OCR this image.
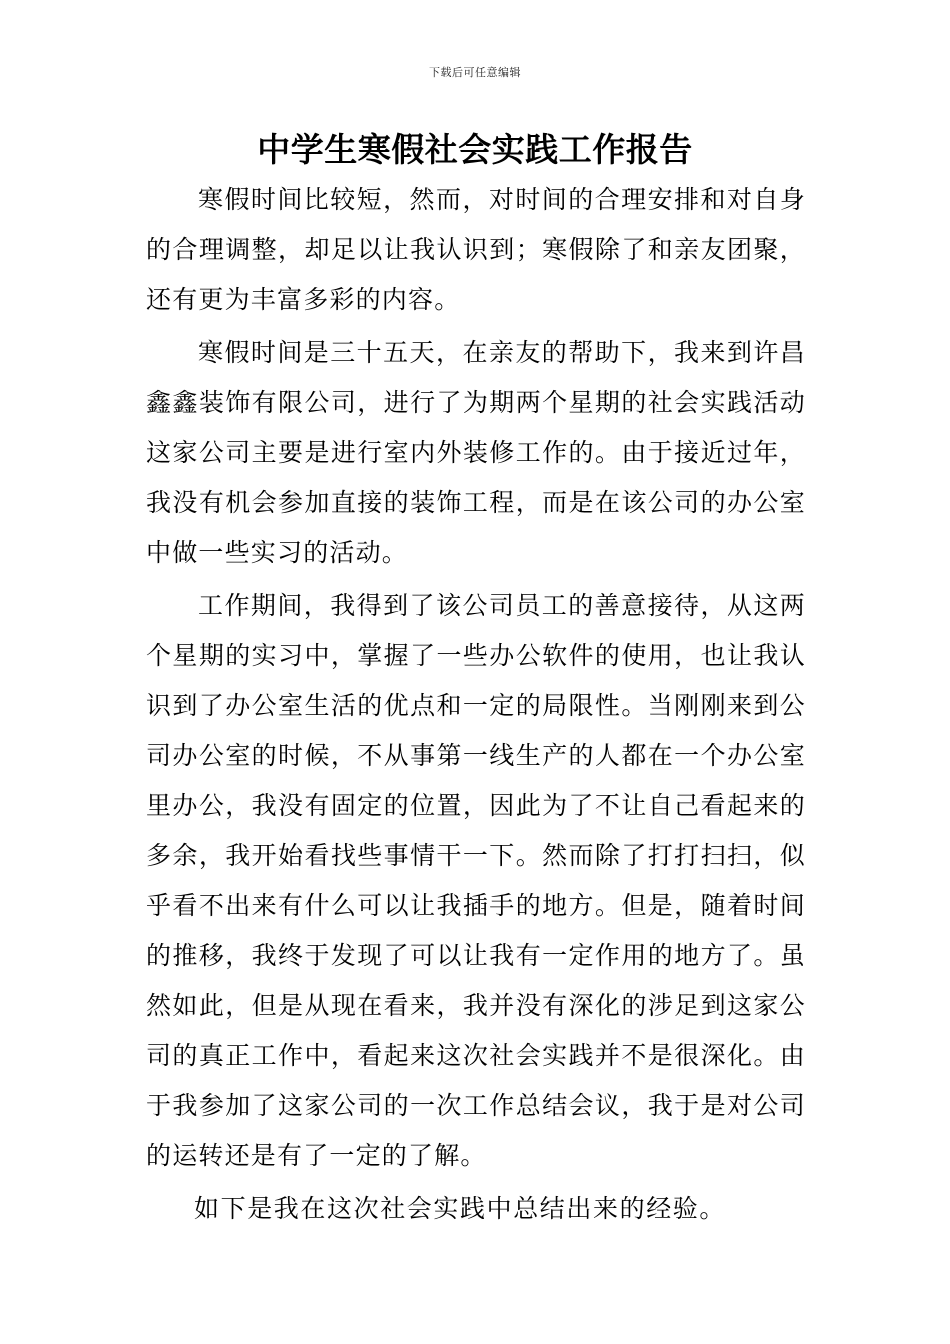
下载后可任意编辑
中学生寒假社会实践工作报告

寒假时间比较短，然而，对时间的合理安排和对自身的合理调整，却足以让我认识到；寒假除了和亲友团聚，还有更为丰富多彩的内容。

寒假时间是三十五天，在亲友的帮助下，我来到许昌鑫鑫装饰有限公司，进行了为期两个星期的社会实践活动这家公司主要是进行室内外装修工作的。由于接近过年，我没有机会参加直接的装饰工程，而是在该公司的办公室中做一些实习的活动。

工作期间，我得到了该公司员工的善意接待，从这两个星期的实习中，掌握了一些办公软件的使用，也让我认识到了办公室生活的优点和一定的局限性。当刚刚来到公司办公室的时候，不从事第一线生产的人都在一个办公室里办公，我没有固定的位置，因此为了不让自己看起来的多余，我开始看找些事情干一下。然而除了打打扫扫，似乎看不出来有什么可以让我插手的地方。但是，随着时间的推移，我终于发现了可以让我有一定作用的地方了。虽然如此，但是从现在看来，我并没有深化的涉足到这家公司的真正工作中，看起来这次社会实践并不是很深化。由于我参加了这家公司的一次工作总结会议，我于是对公司的运转还是有了一定的了解。

如下是我在这次社会实践中总结出来的经验。
